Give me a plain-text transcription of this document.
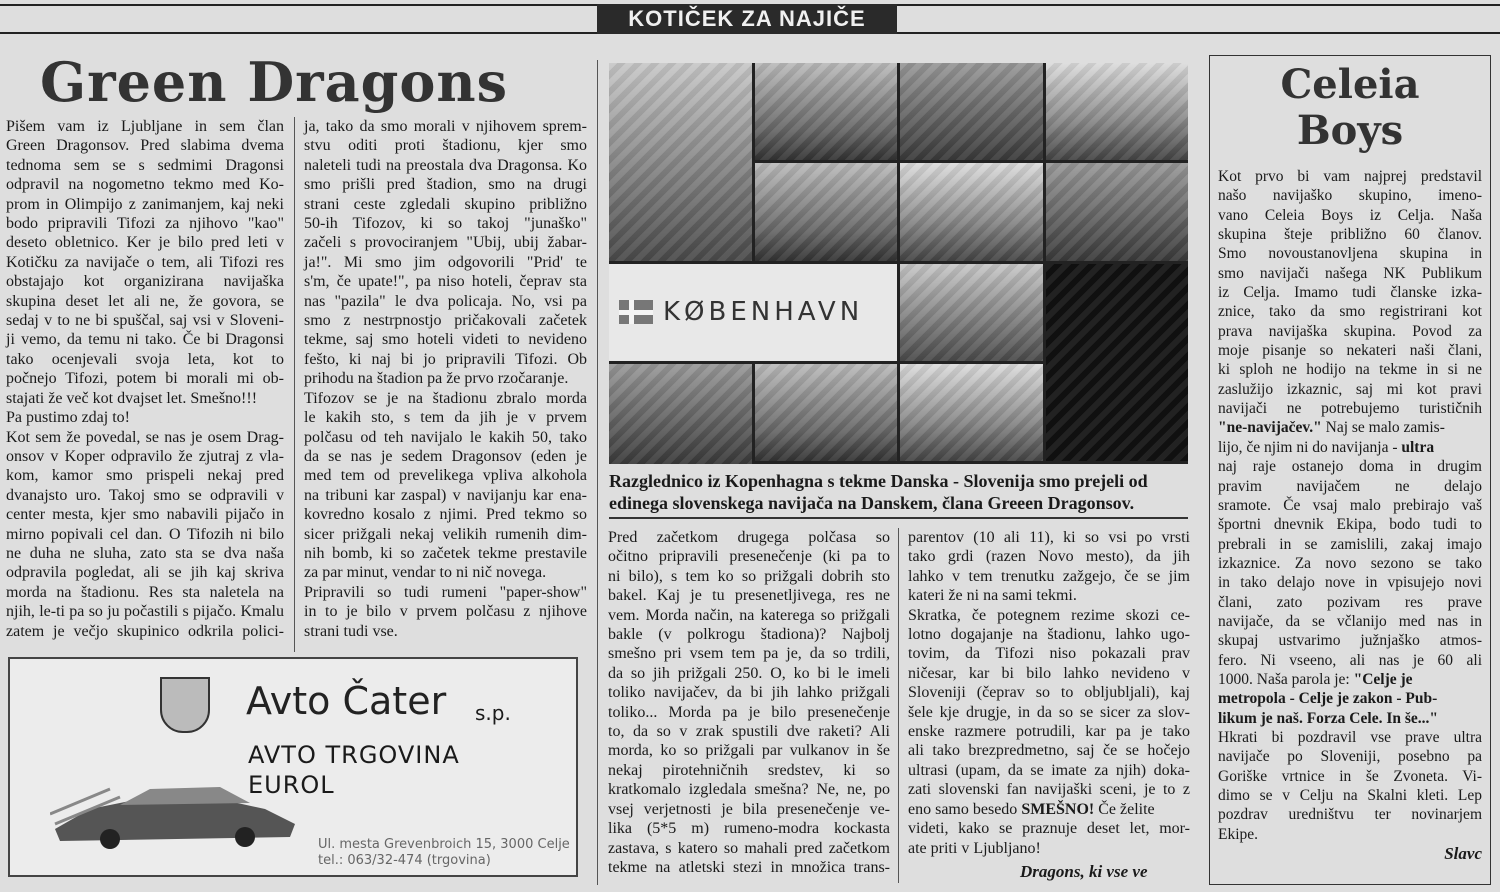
KOTIČEK ZA NAJIČE
Green Dragons
Pišem vam iz Ljubljane in sem član
Green Dragonsov. Pred slabima dvema
tednoma sem se s sedmimi Dragonsi
odpravil na nogometno tekmo med Ko-
prom in Olimpijo z zanimanjem, kaj neki
bodo pripravili Tifozi za njihovo "kao"
deseto obletnico. Ker je bilo pred leti v
Kotičku za navijače o tem, ali Tifozi res
obstajajo kot organizirana navijaška
skupina deset let ali ne, že govora, se
sedaj v to ne bi spuščal, saj vsi v Sloveni-
ji vemo, da temu ni tako. Če bi Dragonsi
tako ocenjevali svoja leta, kot to
počnejo Tifozi, potem bi morali mi ob-
stajati že več kot dvajset let. Smešno!!!
Pa pustimo zdaj to!
Kot sem že povedal, se nas je osem Drag-
onsov v Koper odpravilo že zjutraj z vla-
kom, kamor smo prispeli nekaj pred
dvanajsto uro. Takoj smo se odpravili v
center mesta, kjer smo nabavili pijačo in
mirno popivali cel dan. O Tifozih ni bilo
ne duha ne sluha, zato sta se dva naša
odpravila pogledat, ali se jih kaj skriva
morda na štadionu. Res sta naletela na
njih, le-ti pa so ju počastili s pijačo. Kmalu
zatem je večjo skupinico odkrila polici-
ja, tako da smo morali v njihovem sprem-
stvu oditi proti štadionu, kjer smo
naleteli tudi na preostala dva Dragonsa. Ko
smo prišli pred štadion, smo na drugi
strani ceste zgledali skupino približno
50-ih Tifozov, ki so takoj "junaško"
začeli s provociranjem "Ubij, ubij žabar-
ja!". Mi smo jim odgovorili "Prid' te
s'm, če upate!", pa niso hoteli, čeprav sta
nas "pazila" le dva policaja. No, vsi pa
smo z nestrpnostjo pričakovali začetek
tekme, saj smo hoteli videti to nevideno
fešto, ki naj bi jo pripravili Tifozi. Ob
prihodu na štadion pa že prvo rzočaranje.
Tifozov se je na štadionu zbralo morda
le kakih sto, s tem da jih je v prvem
polčasu od teh navijalo le kakih 50, tako
da se nas je sedem Dragonsov (eden je
med tem od prevelikega vpliva alkohola
na tribuni kar zaspal) v navijanju kar ena-
kovredno kosalo z njimi. Pred tekmo so
sicer prižgali nekaj velikih rumenih dim-
nih bomb, ki so začetek tekme prestavile
za par minut, vendar to ni nič novega.
Pripravili so tudi rumeni "paper-show"
in to je bilo v prvem polčasu z njihove
strani tudi vse.
KØBENHAVN
Razglednico iz Kopenhagna s tekme Danska - Slovenija smo prejeli od edinega slovenskega navijača na Danskem, člana Greeen Dragonsov.
Pred začetkom drugega polčasa so
očitno pripravili presenečenje (ki pa to
ni bilo), s tem ko so prižgali dobrih sto
bakel. Kaj je tu presenetljivega, res ne
vem. Morda način, na katerega so prižgali
bakle (v polkrogu štadiona)? Najbolj
smešno pri vsem tem pa je, da so trdili,
da so jih prižgali 250. O, ko bi le imeli
toliko navijačev, da bi jih lahko prižgali
toliko... Morda pa je bilo presenečenje
to, da so v zrak spustili dve raketi? Ali
morda, ko so prižgali par vulkanov in še
nekaj pirotehničnih sredstev, ki so
kratkomalo izgledala smešna? Ne, ne, po
vsej verjetnosti je bila presenečenje ve-
lika (5*5 m) rumeno-modra kockasta
zastava, s katero so mahali pred začetkom
tekme na atletski stezi in množica trans-
parentov (10 ali 11), ki so vsi po vrsti
tako grdi (razen Novo mesto), da jih
lahko v tem trenutku zažgejo, če se jim
kateri že ni na sami tekmi.
Skratka, če potegnem rezime skozi ce-
lotno dogajanje na štadionu, lahko ugo-
tovim, da Tifozi niso pokazali prav
ničesar, kar bi bilo lahko nevideno v
Sloveniji (čeprav so to obljubljali), kaj
šele kje drugje, in da so se sicer za slov-
enske razmere potrudili, kar pa je tako
ali tako brezpredmetno, saj če se hočejo
ultrasi (upam, da se imate za njih) doka-
zati slovenski fan navijaški sceni, je to z
eno samo besedo SMEŠNO! Če želite
videti, kako se praznuje deset let, mor-
ate priti v Ljubljano!
Dragons, ki vse ve
Avto Čater s.p.
AVTO TRGOVINA
EUROL
Ul. mesta Grevenbroich 15, 3000 Celje
tel.: 063/32-474 (trgovina)
Celeia
Boys
Kot prvo bi vam najprej predstavil
našo navijaško skupino, imeno-
vano Celeia Boys iz Celja. Naša
skupina šteje približno 60 članov.
Smo novoustanovljena skupina in
smo navijači našega NK Publikum
iz Celja. Imamo tudi članske izka-
znice, tako da smo registrirani kot
prava navijaška skupina. Povod za
moje pisanje so nekateri naši člani,
ki sploh ne hodijo na tekme in si ne
zaslužijo izkaznic, saj mi kot pravi
navijači ne potrebujemo turističnih
"ne-navijačev." Naj se malo zamis-
lijo, če njim ni do navijanja - ultra
naj raje ostanejo doma in drugim
pravim navijačem ne delajo
sramote. Če vsaj malo prebirajo vaš
športni dnevnik Ekipa, bodo tudi to
prebrali in se zamislili, zakaj imajo
izkaznice. Za novo sezono se tako
in tako delajo nove in vpisujejo novi
člani, zato pozivam res prave
navijače, da se včlanijo med nas in
skupaj ustvarimo južnjaško atmos-
fero. Ni vseeno, ali nas je 60 ali
1000. Naša parola je: "Celje je
metropola - Celje je zakon - Pub-
likum je naš. Forza Cele. In še..."
Hkrati bi pozdravil vse prave ultra
navijače po Sloveniji, posebno pa
Goriške vrtnice in še Zvoneta. Vi-
dimo se v Celju na Skalni kleti. Lep
pozdrav uredništvu ter novinarjem
Ekipe.
Slavc
